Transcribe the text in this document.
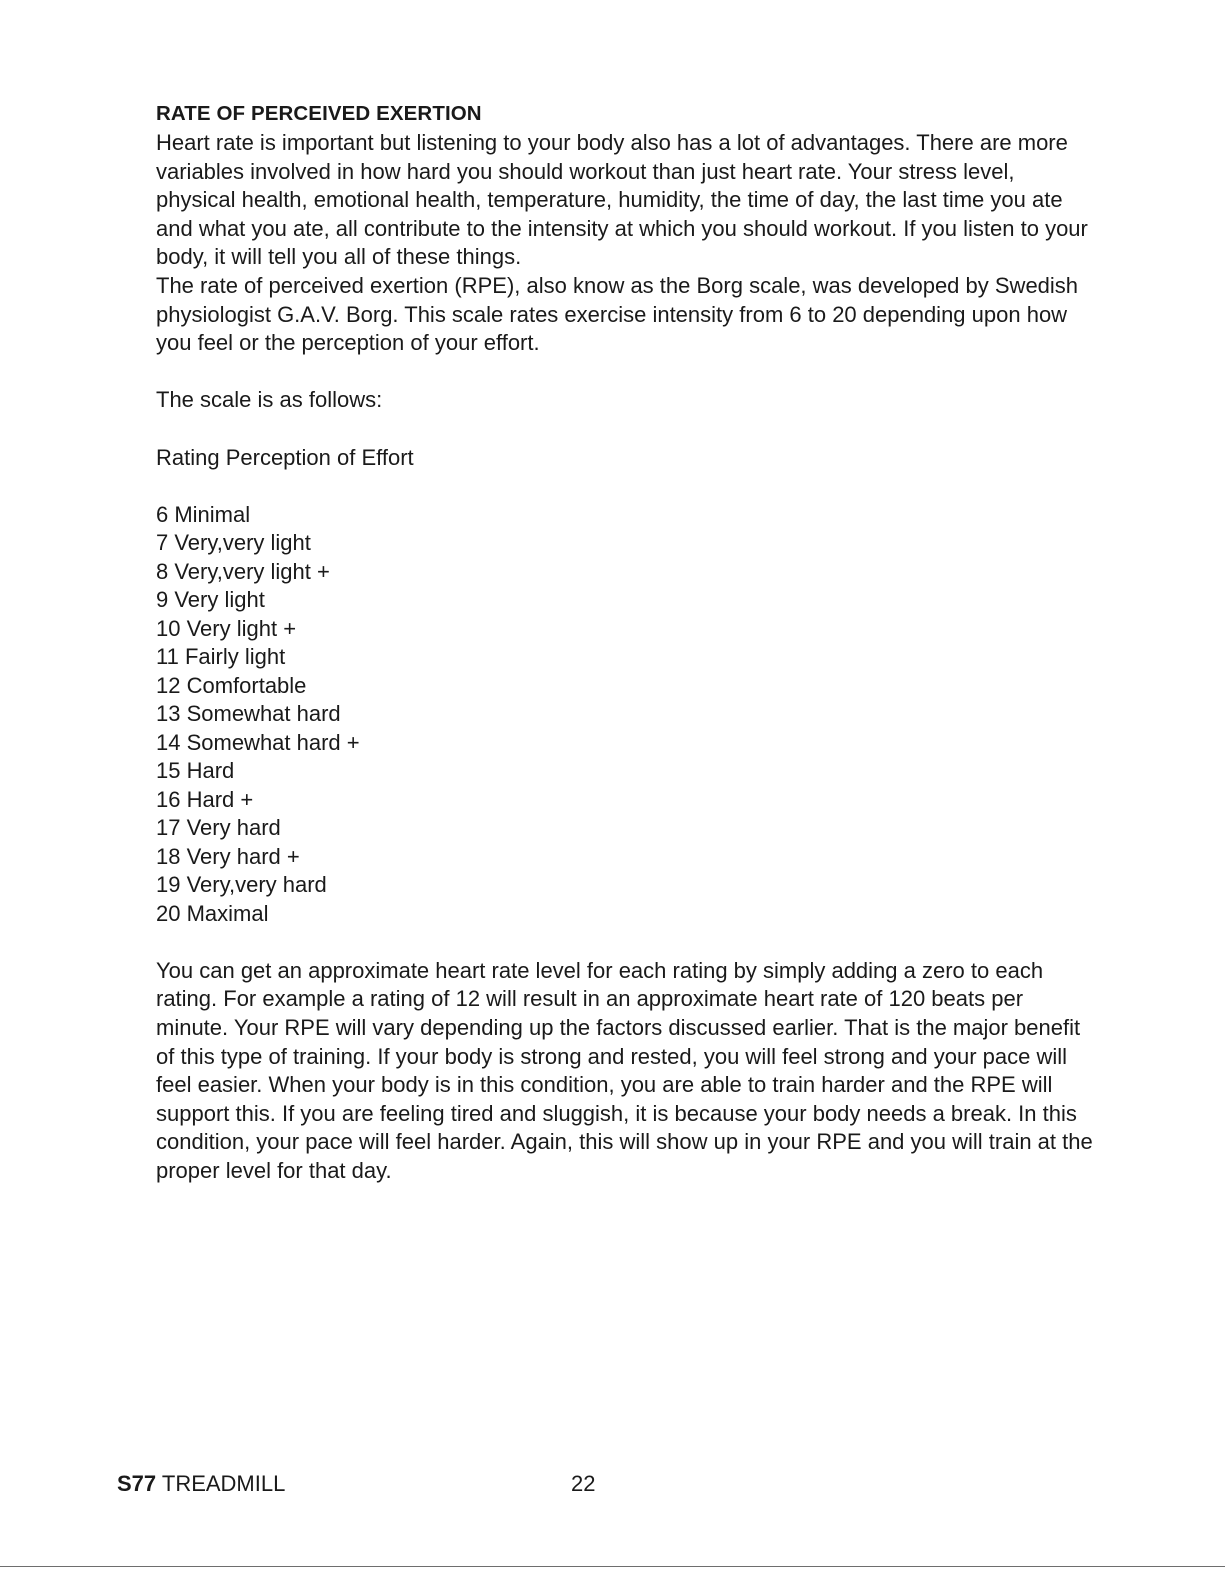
RATE OF PERCEIVED EXERTION

Heart rate is important but listening to your body also has a lot of advantages. There are more variables involved in how hard you should workout than just heart rate. Your stress level, physical health, emotional health, temperature, humidity, the time of day, the last time you ate and what you ate, all contribute to the intensity at which you should workout. If you listen to your body, it will tell you all of these things.

The rate of perceived exertion (RPE), also know as the Borg scale, was developed by Swedish physiologist G.A.V. Borg. This scale rates exercise intensity from 6 to 20 depending upon how you feel or the perception of your effort.

The scale is as follows:

Rating Perception of Effort

6 Minimal
7 Very,very light
8 Very,very light +
9 Very light
10 Very light +
11 Fairly light
12 Comfortable
13 Somewhat hard
14 Somewhat hard +
15 Hard
16 Hard +
17 Very hard
18 Very hard +
19 Very,very hard
20 Maximal

You can get an approximate heart rate level for each rating by simply adding a zero to each rating. For example a rating of 12 will result in an approximate heart rate of 120 beats per minute. Your RPE will vary depending up the factors discussed earlier. That is the major benefit of this type of training. If your body is strong and rested, you will feel strong and your pace will feel easier. When your body is in this condition, you are able to train harder and the RPE will support this. If you are feeling tired and sluggish, it is because your body needs a break. In this condition, your pace will feel harder. Again, this will show up in your RPE and you will train at the proper level for that day.

S77 TREADMILL	22
